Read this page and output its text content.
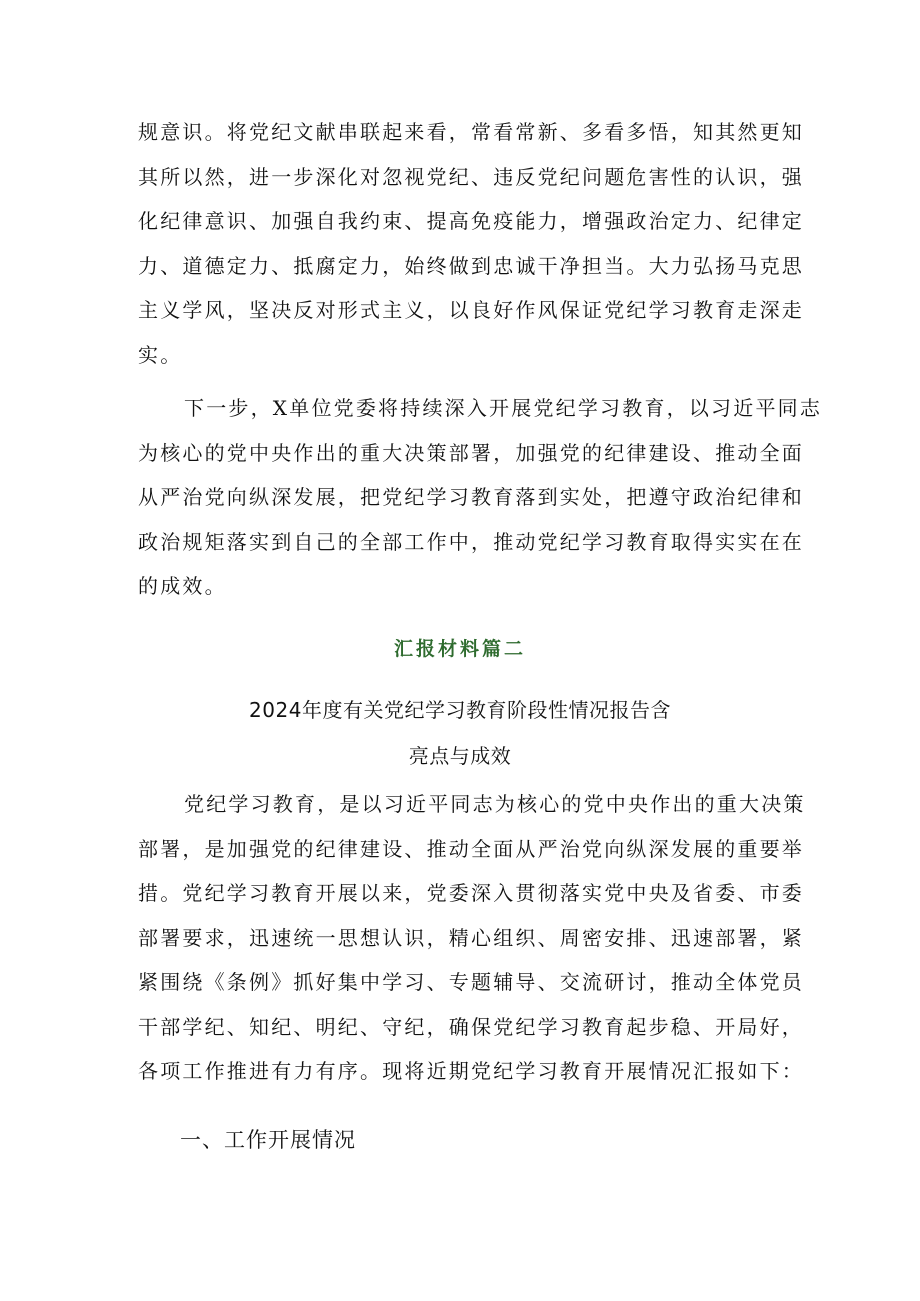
规意识。将党纪文献串联起来看，常看常新、多看多悟，知其然更知
其所以然，进一步深化对忽视党纪、违反党纪问题危害性的认识，强
化纪律意识、加强自我约束、提高免疫能力，增强政治定力、纪律定
力、道德定力、抵腐定力，始终做到忠诚干净担当。大力弘扬马克思
主义学风，坚决反对形式主义，以良好作风保证党纪学习教育走深走
实。
下一步，X单位党委将持续深入开展党纪学习教育，以习近平同志
为核心的党中央作出的重大决策部署，加强党的纪律建设、推动全面
从严治党向纵深发展，把党纪学习教育落到实处，把遵守政治纪律和
政治规矩落实到自己的全部工作中，推动党纪学习教育取得实实在在
的成效。
汇报材料篇二
2024年度有关党纪学习教育阶段性情况报告含
亮点与成效
党纪学习教育，是以习近平同志为核心的党中央作出的重大决策
部署，是加强党的纪律建设、推动全面从严治党向纵深发展的重要举
措。党纪学习教育开展以来，党委深入贯彻落实党中央及省委、市委
部署要求，迅速统一思想认识，精心组织、周密安排、迅速部署，紧
紧围绕《条例》抓好集中学习、专题辅导、交流研讨，推动全体党员
干部学纪、知纪、明纪、守纪，确保党纪学习教育起步稳、开局好，
各项工作推进有力有序。现将近期党纪学习教育开展情况汇报如下：
一、工作开展情况
